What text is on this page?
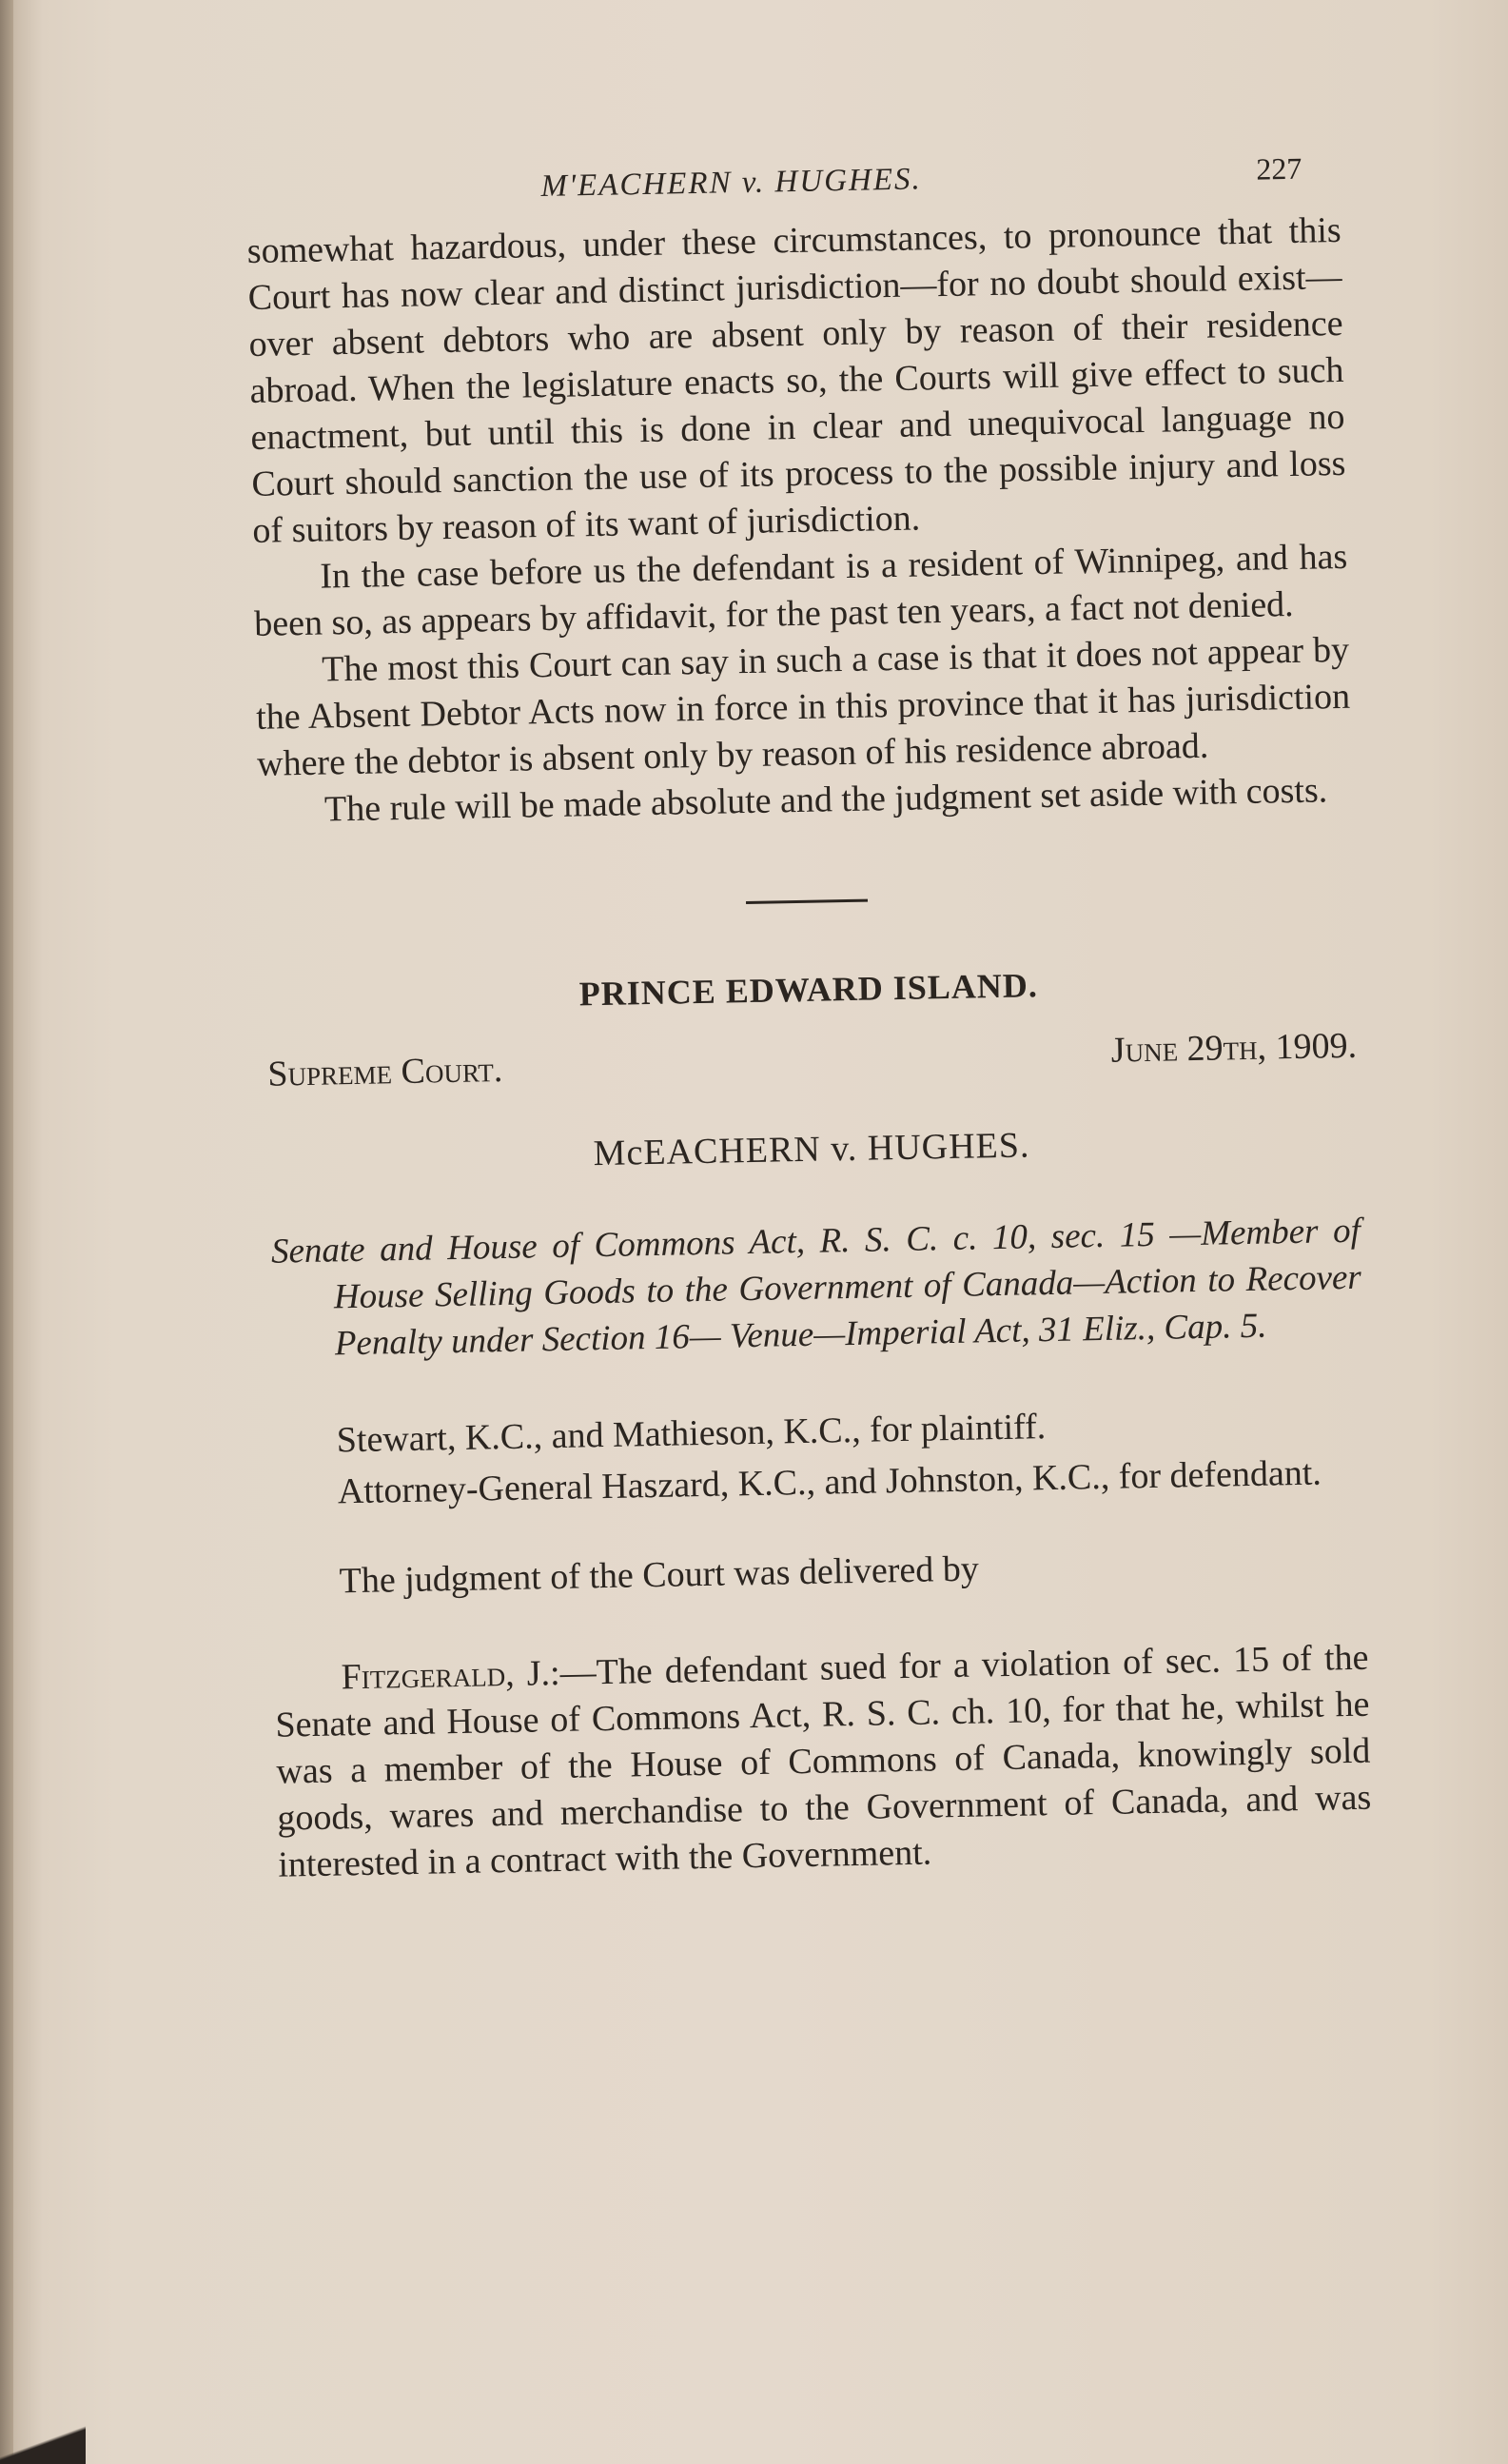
M'EACHERN v. HUGHES.	227

somewhat hazardous, under these circumstances, to pronounce that this Court has now clear and distinct jurisdiction—for no doubt should exist—over absent debtors who are absent only by reason of their residence abroad. When the legislature enacts so, the Courts will give effect to such enactment, but until this is done in clear and unequivocal language no Court should sanction the use of its process to the possible injury and loss of suitors by reason of its want of jurisdiction.

In the case before us the defendant is a resident of Winnipeg, and has been so, as appears by affidavit, for the past ten years, a fact not denied.

The most this Court can say in such a case is that it does not appear by the Absent Debtor Acts now in force in this province that it has jurisdiction where the debtor is absent only by reason of his residence abroad.

The rule will be made absolute and the judgment set aside with costs.

PRINCE EDWARD ISLAND.

Supreme Court.
June 29th, 1909.

McEACHERN v. HUGHES.

Senate and House of Commons Act, R. S. C. c. 10, sec. 15 —Member of House Selling Goods to the Government of Canada—Action to Recover Penalty under Section 16— Venue—Imperial Act, 31 Eliz., Cap. 5.

Stewart, K.C., and Mathieson, K.C., for plaintiff.

Attorney-General Haszard, K.C., and Johnston, K.C., for defendant.

The judgment of the Court was delivered by

Fitzgerald, J.:—The defendant sued for a violation of sec. 15 of the Senate and House of Commons Act, R. S. C. ch. 10, for that he, whilst he was a member of the House of Commons of Canada, knowingly sold goods, wares and merchandise to the Government of Canada, and was interested in a contract with the Government.
